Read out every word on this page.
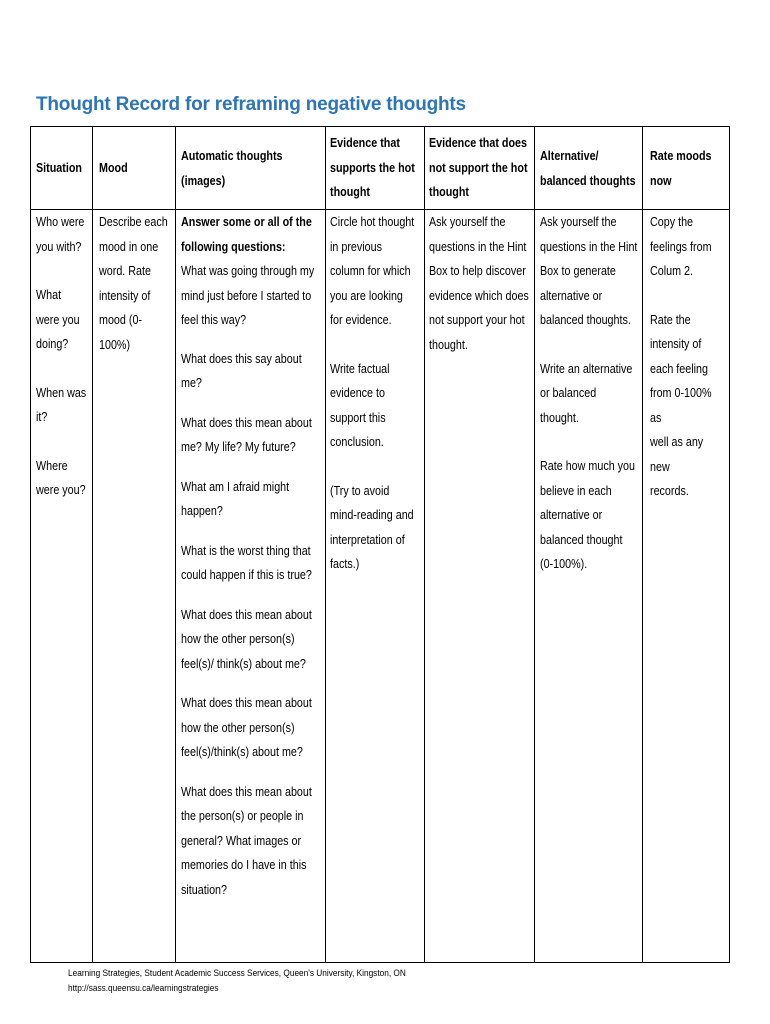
Thought Record for reframing negative thoughts

Situation Mood

Automatic thoughts

(images)

Evidence that

supports the hot

thought

Evidence that does

not support the hot

thought

Alternative/

balanced thoughts

Rate moods

now

Who were

you with?

What

were you

doing?

When was

it?

Where

were you?

Describe each

mood in one

word. Rate

intensity of

mood (0-

100%)

Answer some or all of the

following questions:

What was going through my

mind just before I started to

feel this way?

What does this say about

me?

What does this mean about

me? My life? My future?

What am I afraid might

happen?

What is the worst thing that

could happen if this is true?

What does this mean about

how the other person(s)

feel(s)/ think(s) about me?

What does this mean about

how the other person(s)

feel(s)/think(s) about me?

What does this mean about

the person(s) or people in

general? What images or

memories do I have in this

situation?

Circle hot thought

in previous

column for which

you are looking

for evidence.

Write factual

evidence to

support this

conclusion.

(Try to avoid

mind-reading and

interpretation of

facts.)

Ask yourself the

questions in the Hint

Box to help discover

evidence which does

not support your hot

thought.

Ask yourself the

questions in the Hint

Box to generate

alternative or

balanced thoughts.

Write an alternative

or balanced

thought.

Rate how much you

believe in each

alternative or

balanced thought

(0-100%).

Copy the

feelings from

Colum 2.

Rate the

intensity of

each feeling

from 0-100% as

well as any new

records.

Learning Strategies, Student Academic Success Services, Queen's University, Kingston, ON

http://sass.queensu.ca/learningstrategies
